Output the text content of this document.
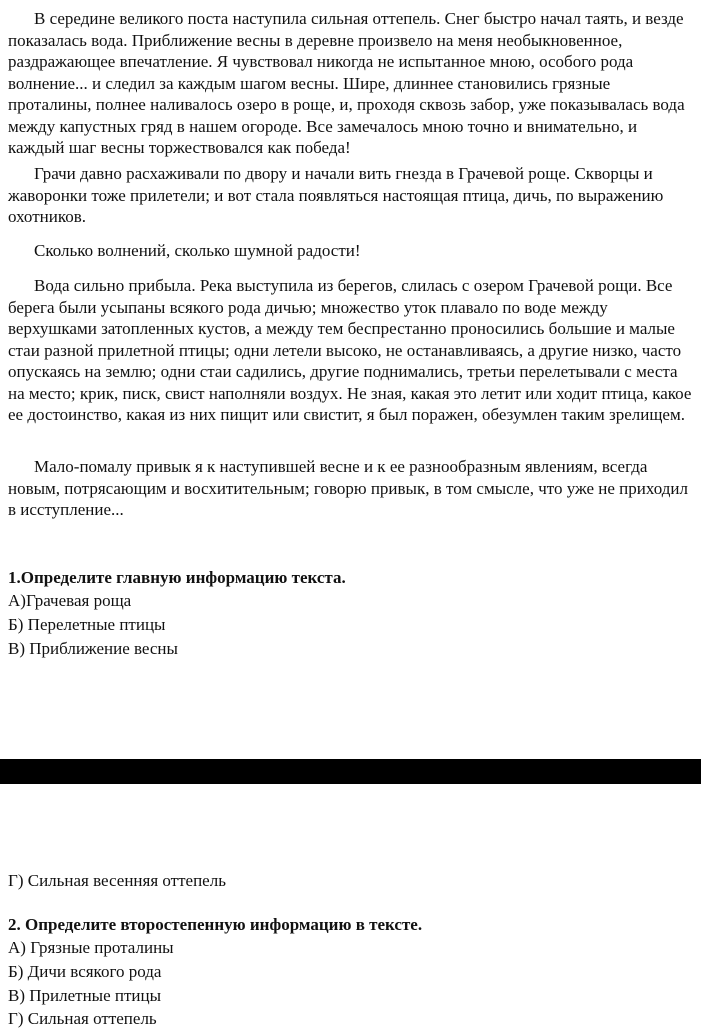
В середине великого поста наступила сильная оттепель. Снег быстро начал таять, и везде показалась вода. Приближение весны в деревне произвело на меня необыкновенное, раздражающее впечатление. Я чувствовал никогда не испытанное мною, особого рода волнение... и следил за каждым шагом весны. Шире, длиннее становились грязные проталины, полнее наливалось озеро в роще, и, проходя сквозь забор, уже показывалась вода между капустных гряд в нашем огороде. Все замечалось мною точно и внимательно, и каждый шаг весны торжествовался как победа!
Грачи давно расхаживали по двору и начали вить гнезда в Грачевой роще. Скворцы и жаворонки тоже прилетели; и вот стала появляться настоящая птица, дичь, по выражению охотников.
Сколько волнений, сколько шумной радости!
Вода сильно прибыла. Река выступила из берегов, слилась с озером Грачевой рощи. Все берега были усыпаны всякого рода дичью; множество уток плавало по воде между верхушками затопленных кустов, а между тем беспрестанно проносились большие и малые стаи разной прилетной птицы; одни летели высоко, не останавливаясь, а другие низко, часто опускаясь на землю; одни стаи садились, другие поднимались, третьи перелетывали с места на место; крик, писк, свист наполняли воздух. Не зная, какая это летит или ходит птица, какое ее достоинство, какая из них пищит или свистит, я был поражен, обезумлен таким зрелищем.
Мало-помалу привык я к наступившей весне и к ее разнообразным явлениям, всегда новым, потрясающим и восхитительным; говорю привык, в том смысле, что уже не приходил в исступление...
1.Определите главную информацию текста.
А)Грачевая роща
Б) Перелетные птицы
В) Приближение весны
Г) Сильная весенняя оттепель
2. Определите второстепенную информацию в тексте.
А) Грязные проталины
Б) Дичи всякого рода
В) Прилетные птицы
Г) Сильная оттепель
